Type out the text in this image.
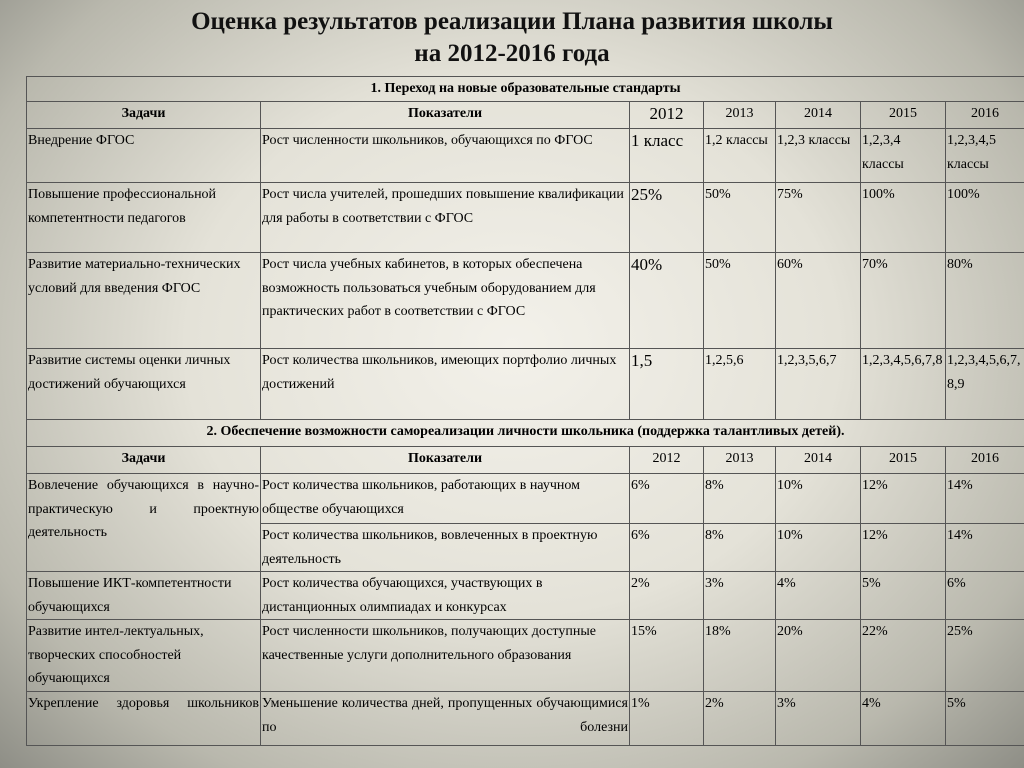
Оценка результатов реализации Плана развития школы
на 2012-2016 года
1. Переход на новые образовательные стандарты						
Задачи	Показатели	2012	2013	2014	2015	2016
Внедрение ФГОС	Рост численности школьников, обучающихся по ФГОС	1 класс	1,2 классы	1,2,3 классы	1,2,3,4 классы	1,2,3,4,5 классы
Повышение профессиональной компетентности педагогов	Рост числа учителей, прошедших повышение квалификации для работы в соответствии с ФГОС	25%	50%	75%	100%	100%
Развитие материально-технических условий для введения ФГОС	Рост числа учебных кабинетов, в которых обеспечена возможность пользоваться учебным оборудованием для практических работ в соответствии с ФГОС	40%	50%	60%	70%	80%
Развитие системы оценки личных достижений обучающихся	Рост количества школьников, имеющих портфолио личных достижений	1,5	1,2,5,6	1,2,3,5,6,7	1,2,3,4,5,6,7,8	1,2,3,4,5,6,7,8,9
2. Обеспечение возможности самореализации личности школьника (поддержка талантливых детей).						
Задачи	Показатели	2012	2013	2014	2015	2016
Вовлечение обучающихся в научно-практическую и проектную деятельность	Рост количества школьников, работающих в научном обществе обучающихся	6%	8%	10%	12%	14%
	Рост количества школьников, вовлеченных в проектную деятельность	6%	8%	10%	12%	14%
Повышение ИКТ-компетентности обучающихся	Рост количества обучающихся, участвующих в дистанционных олимпиадах и конкурсах	2%	3%	4%	5%	6%
Развитие интел-лектуальных, творческих способностей обучающихся	Рост численности школьников, получающих доступные качественные услуги дополнительного образования	15%	18%	20%	22%	25%
Укрепление здоровья школьников	Уменьшение количества дней, пропущенных обучающимися по болезни	1%	2%	3%	4%	5%
